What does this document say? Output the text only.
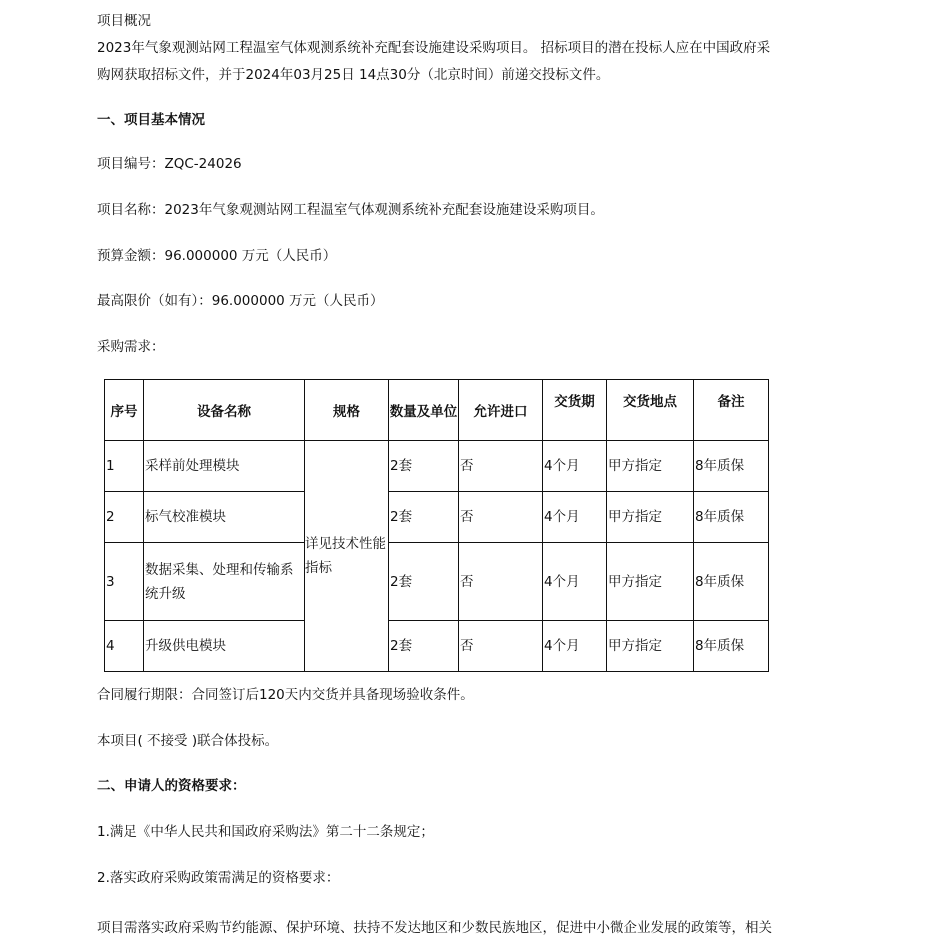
项目概况
2023年气象观测站网工程温室气体观测系统补充配套设施建设采购项目。 招标项目的潜在投标人应在中国政府采
购网获取招标文件，并于2024年03月25日 14点30分（北京时间）前递交投标文件。
一、项目基本情况
项目编号：ZQC-24026
项目名称：2023年气象观测站网工程温室气体观测系统补充配套设施建设采购项目。
预算金额：96.000000 万元（人民币）
最高限价（如有）：96.000000 万元（人民币）
采购需求：
序号	设备名称	规格	数量及单位	允许进口	交货期	交货地点	备注
1	采样前处理模块	详见技术性能
指标	2套	否	4个月	甲方指定	8年质保
2	标气校准模块		2套	否	4个月	甲方指定	8年质保
3	数据采集、处理和传输系
统升级		2套	否	4个月	甲方指定	8年质保
4	升级供电模块		2套	否	4个月	甲方指定	8年质保
合同履行期限：合同签订后120天内交货并具备现场验收条件。
本项目( 不接受 )联合体投标。
二、申请人的资格要求：
1.满足《中华人民共和国政府采购法》第二十二条规定；
2.落实政府采购政策需满足的资格要求：
项目需落实政府采购节约能源、保护环境、扶持不发达地区和少数民族地区，促进中小微企业发展的政策等，相关
